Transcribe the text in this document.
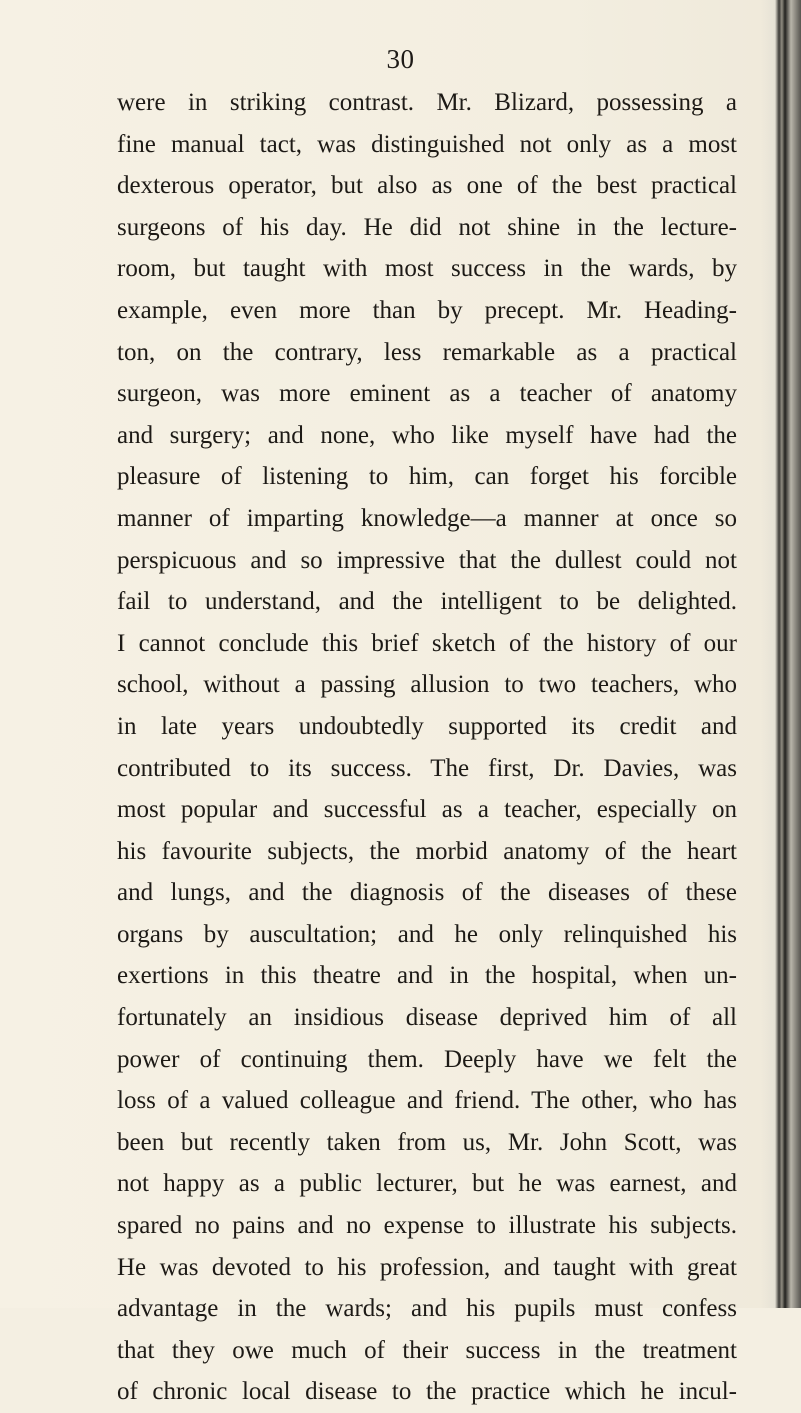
30
were in striking contrast. Mr. Blizard, possessing a
fine manual tact, was distinguished not only as a most
dexterous operator, but also as one of the best practical
surgeons of his day. He did not shine in the lecture-
room, but taught with most success in the wards, by
example, even more than by precept. Mr. Heading-
ton, on the contrary, less remarkable as a practical
surgeon, was more eminent as a teacher of anatomy
and surgery; and none, who like myself have had the
pleasure of listening to him, can forget his forcible
manner of imparting knowledge—a manner at once so
perspicuous and so impressive that the dullest could not
fail to understand, and the intelligent to be delighted.
I cannot conclude this brief sketch of the history of our
school, without a passing allusion to two teachers, who
in late years undoubtedly supported its credit and
contributed to its success. The first, Dr. Davies, was
most popular and successful as a teacher, especially on
his favourite subjects, the morbid anatomy of the heart
and lungs, and the diagnosis of the diseases of these
organs by auscultation; and he only relinquished his
exertions in this theatre and in the hospital, when un-
fortunately an insidious disease deprived him of all
power of continuing them. Deeply have we felt the
loss of a valued colleague and friend. The other, who has
been but recently taken from us, Mr. John Scott, was
not happy as a public lecturer, but he was earnest, and
spared no pains and no expense to illustrate his subjects.
He was devoted to his profession, and taught with great
advantage in the wards; and his pupils must confess
that they owe much of their success in the treatment
of chronic local disease to the practice which he incul-
